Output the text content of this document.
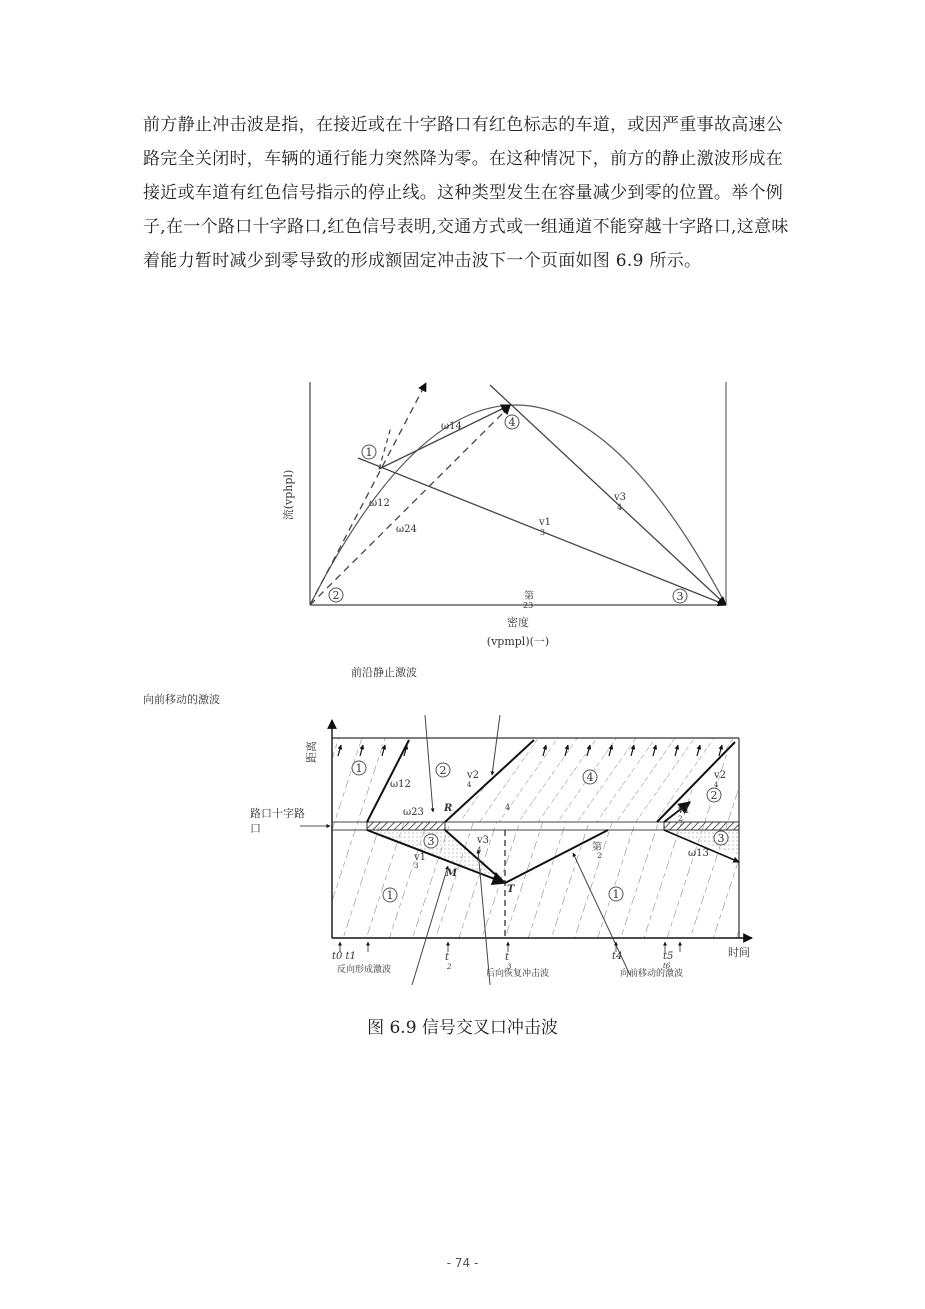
前方静止冲击波是指，在接近或在十字路口有红色标志的车道，或因严重事故高速公路完全关闭时，车辆的通行能力突然降为零。在这种情况下，前方的静止激波形成在接近或车道有红色信号指示的停止线。这种类型发生在容量减少到零的位置。举个例子,在一个路口十字路口,红色信号表明,交通方式或一组通道不能穿越十字路口,这意味着能力暂时减少到零导致的形成额固定冲击波下一个页面如图 6.9 所示。

1
2	3
4
ω14
ω12
ω24
v3
4
v1
3
第
23
流(vphpl)
密度
(vpmpl)(一)
前沿静止激波
向前移动的激波
1	2
4
2
3
1	1
3
ω12
ω23 R
M
T
v2
4
v2
4
v3
4
v1
3
v1
2
ω13
4
第
2
距离
路口十字路
口
时间
t0 t1	t
2
t
3
t4	t5
t6
反向形成激波	后向恢复冲击波	向前移动的激波
图 6.9 信号交叉口冲击波
- 74 -
